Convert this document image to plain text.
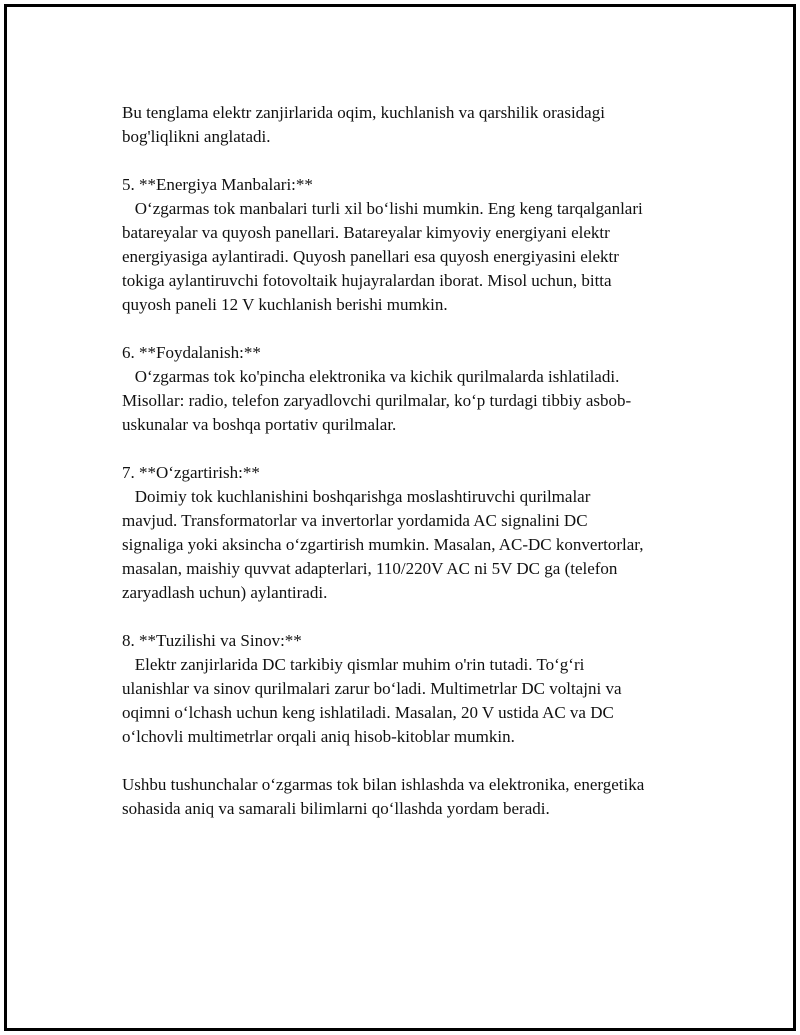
Bu tenglama elektr zanjirlarida oqim, kuchlanish va qarshilik orasidagi
bog'liqlikni anglatadi.

5. **Energiya Manbalari:**
O‘zgarmas tok manbalari turli xil bo‘lishi mumkin. Eng keng tarqalganlari
batareyalar va quyosh panellari. Batareyalar kimyoviy energiyani elektr
energiyasiga aylantiradi. Quyosh panellari esa quyosh energiyasini elektr
tokiga aylantiruvchi fotovoltaik hujayralardan iborat. Misol uchun, bitta
quyosh paneli 12 V kuchlanish berishi mumkin.

6. **Foydalanish:**
O‘zgarmas tok ko'pincha elektronika va kichik qurilmalarda ishlatiladi.
Misollar: radio, telefon zaryadlovchi qurilmalar, ko‘p turdagi tibbiy asbob-
uskunalar va boshqa portativ qurilmalar.

7. **O‘zgartirish:**
Doimiy tok kuchlanishini boshqarishga moslashtiruvchi qurilmalar
mavjud. Transformatorlar va invertorlar yordamida AC signalini DC
signaliga yoki aksincha o‘zgartirish mumkin. Masalan, AC-DC konvertorlar,
masalan, maishiy quvvat adapterlari, 110/220V AC ni 5V DC ga (telefon
zaryadlash uchun) aylantiradi.

8. **Tuzilishi va Sinov:**
Elektr zanjirlarida DC tarkibiy qismlar muhim o'rin tutadi. To‘g‘ri
ulanishlar va sinov qurilmalari zarur bo‘ladi. Multimetrlar DC voltajni va
oqimni o‘lchash uchun keng ishlatiladi. Masalan, 20 V ustida AC va DC
o‘lchovli multimetrlar orqali aniq hisob-kitoblar mumkin.

Ushbu tushunchalar o‘zgarmas tok bilan ishlashda va elektronika, energetika
sohasida aniq va samarali bilimlarni qo‘llashda yordam beradi.
